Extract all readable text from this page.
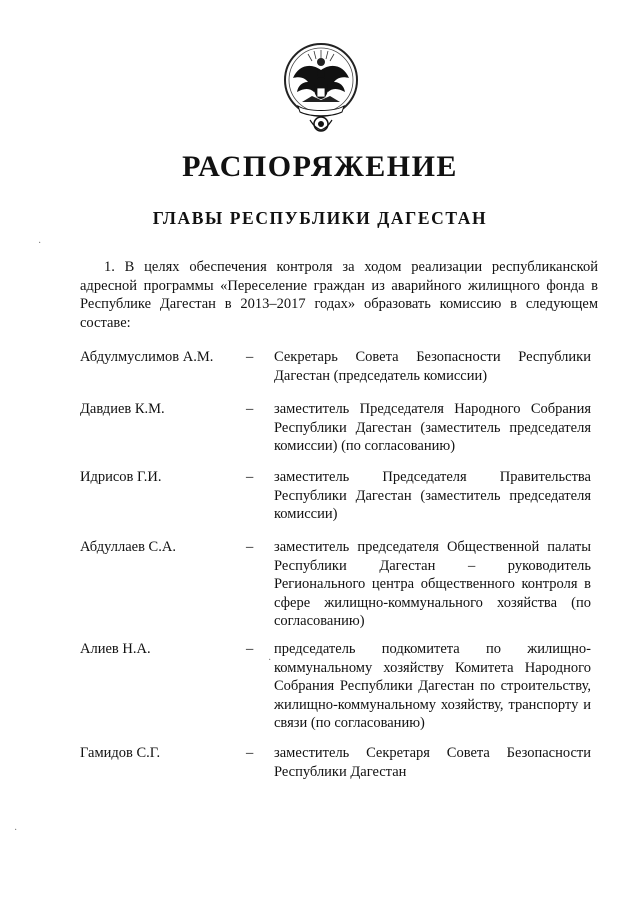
РАСПОРЯЖЕНИЕ
ГЛАВЫ РЕСПУБЛИКИ ДАГЕСТАН
1. В целях обеспечения контроля за ходом реализации республиканской адресной программы «Переселение граждан из аварийного жилищного фонда в Республике Дагестан в 2013–2017 годах» образовать комиссию в следующем составе:
Абдулмуслимов А.М.	– Секретарь Совета Безопасности Республики Дагестан (председатель комиссии)
Давдиев К.М.	– заместитель Председателя Народного Собрания Республики Дагестан (заместитель председателя комиссии) (по согласованию)
Идрисов Г.И.	– заместитель Председателя Правительства Республики Дагестан (заместитель председателя комиссии)
Абдуллаев С.А.	– заместитель председателя Общественной палаты Республики Дагестан – руководитель Регионального центра общественного контроля в сфере жилищно-коммунального хозяйства (по согласованию)
Алиев Н.А.	– председатель подкомитета по жилищно-коммунальному хозяйству Комитета Народного Собрания Республики Дагестан по строительству, жилищно-коммунальному хозяйству, транспорту и связи (по согласованию)
Гамидов С.Г.	– заместитель Секретаря Совета Безопасности Республики Дагестан
·
·
·
